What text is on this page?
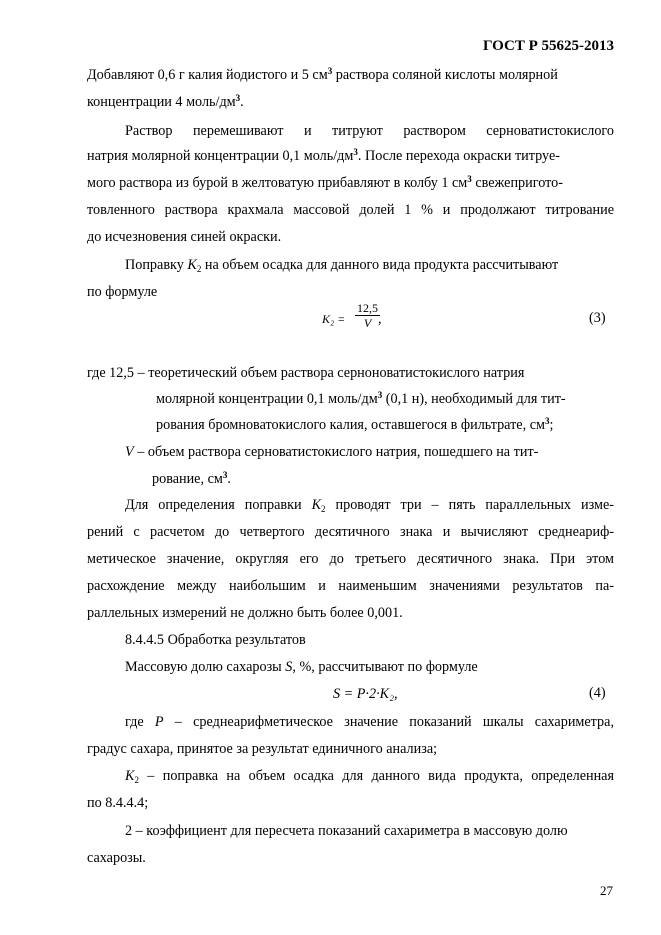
ГОСТ Р 55625-2013
Добавляют 0,6 г калия йодистого и 5 $см^3$ раствора соляной кислоты молярной
концентрации 4 моль/$дм^3$.
Раствор перемешивают и титруют раствором серноватистокислого
натрия молярной концентрации 0,1 моль/$дм^3$. После перехода окраски титруе-
мого раствора из бурой в желтоватую прибавляют в колбу 1 $см^3$ свежепригото-
товленного раствора крахмала массовой долей 1 % и продолжают титрование
до исчезновения синей окраски.
Поправку $K_2$ на объем осадка для данного вида продукта рассчитывают
по формуле
$K_2 = \frac{12,5}{V}$
,	(3)
где 12,5 – теоретический объем раствора серноноватистокислого натрия
молярной концентрации 0,1 моль/$дм^3$ (0,1 н), необходимый для тит-
рования бромноватокислого калия, оставшегося в фильтрате, $см^3$;
V – объем раствора серноватистокислого натрия, пошедшего на тит-
рование, $см^3$.
Для определения поправки $K_2$ проводят три – пять параллельных изме-
рений с расчетом до четвертого десятичного знака и вычисляют среднеариф-
метическое значение, округляя его до третьего десятичного знака. При этом
расхождение между наибольшим и наименьшим значениями результатов па-
раллельных измерений не должно быть более 0,001.
8.4.4.5 Обработка результатов
Массовую долю сахарозы S, %, рассчитывают по формуле
S = P·2·K₂,	(4)
где P – среднеарифметическое значение показаний шкалы сахариметра,
градус сахара, принятое за результат единичного анализа;
$K_2$ – поправка на объем осадка для данного вида продукта, определенная
по 8.4.4.4;
2 – коэффициент для пересчета показаний сахариметра в массовую долю
сахарозы.
27
